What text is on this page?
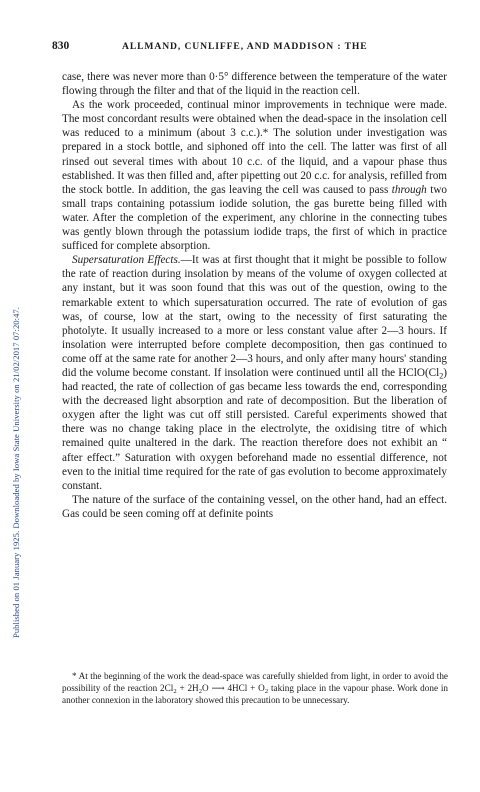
Published on 01 January 1925. Downloaded by Iowa State University on 21/02/2017 07:20:47.
830	ALLMAND, CUNLIFFE, AND MADDISON : THE

case, there was never more than 0·5° difference between the temperature of the water flowing through the filter and that of the liquid in the reaction cell.

As the work proceeded, continual minor improvements in technique were made. The most concordant results were obtained when the dead-space in the insolation cell was reduced to a minimum (about 3 c.c.).* The solution under investigation was prepared in a stock bottle, and siphoned off into the cell. The latter was first of all rinsed out several times with about 10 c.c. of the liquid, and a vapour phase thus established. It was then filled and, after pipetting out 20 c.c. for analysis, refilled from the stock bottle. In addition, the gas leaving the cell was caused to pass through two small traps containing potassium iodide solution, the gas burette being filled with water. After the completion of the experiment, any chlorine in the connecting tubes was gently blown through the potassium iodide traps, the first of which in practice sufficed for complete absorption.

Supersaturation Effects.—It was at first thought that it might be possible to follow the rate of reaction during insolation by means of the volume of oxygen collected at any instant, but it was soon found that this was out of the question, owing to the remarkable extent to which supersaturation occurred. The rate of evolution of gas was, of course, low at the start, owing to the necessity of first saturating the photolyte. It usually increased to a more or less constant value after 2—3 hours. If insolation were interrupted before complete decomposition, then gas continued to come off at the same rate for another 2—3 hours, and only after many hours' standing did the volume become constant. If insolation were continued until all the $HClO(Cl_2)$ had reacted, the rate of collection of gas became less towards the end, corresponding with the decreased light absorption and rate of decomposition. But the liberation of oxygen after the light was cut off still persisted. Careful experiments showed that there was no change taking place in the electrolyte, the oxidising titre of which remained quite unaltered in the dark. The reaction therefore does not exhibit an “ after effect.” Saturation with oxygen beforehand made no essential difference, not even to the initial time required for the rate of gas evolution to become approximately constant.

The nature of the surface of the containing vessel, on the other hand, had an effect. Gas could be seen coming off at definite points

* At the beginning of the work the dead-space was carefully shielded from light, in order to avoid the possibility of the reaction $2Cl_2 + 2H_2O$ ⟶ $4HCl + O_2$ taking place in the vapour phase. Work done in another connexion in the laboratory showed this precaution to be unnecessary.
